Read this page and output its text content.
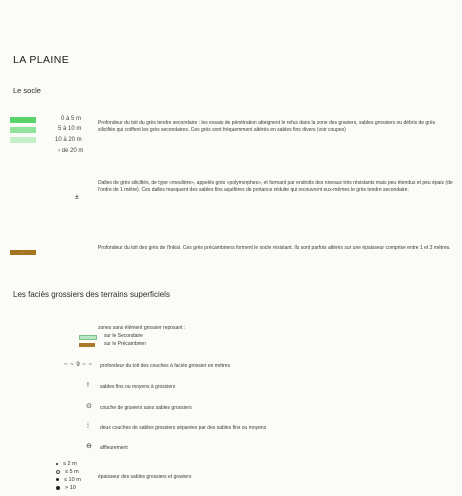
LA PLAINE
Le socle
0 à 5 m
5 à 10 m
10 à 20 m
› de 20 m
Profondeur du toit du grès tendre secondaire : les essais de pénétration atteignent le refus dans la zone des graviers, sables grossiers ou débris de grès silicifiés qui coiffent les grès secondaires. Ces grès sont fréquemment altérés en sables fins divers (voir coupes)
±
Dalles de grès silicifiés, de type «meulière», appelés grès «polymorphes», et formant par endroits des niveaux très résistants mais peu étendus et peu épais (de l'ordre de 1 mètre). Ces dalles masquent des sables fins aquifères de portance réduite qui recouvrent eux-mêmes le grès tendre secondaire.
~~
Profondeur du toit des grès de l'Inkisi. Ces grès précambriens forment le socle résistant. Ils sont parfois altérés sur une épaisseur comprise entre 1 et 3 mètres.
Les faciès grossiers des terrains superficiels
zones sans élément grossier reposant :
sur le Secondaire
sur le Précambrien
~ ~ 9 ~ ~ profondeur du toit des couches à faciès grossier en mètres
! sables fins ou moyens à grossiers
⊙ couche de graviers sans sables grossiers
⁞ deux couches de sables grossiers séparées par des sables fins ou moyens
⊖ affleurement
≤ 2 m
≤ 5 m
≤ 10 m
> 10
épaisseur des sables grossiers et graviers
